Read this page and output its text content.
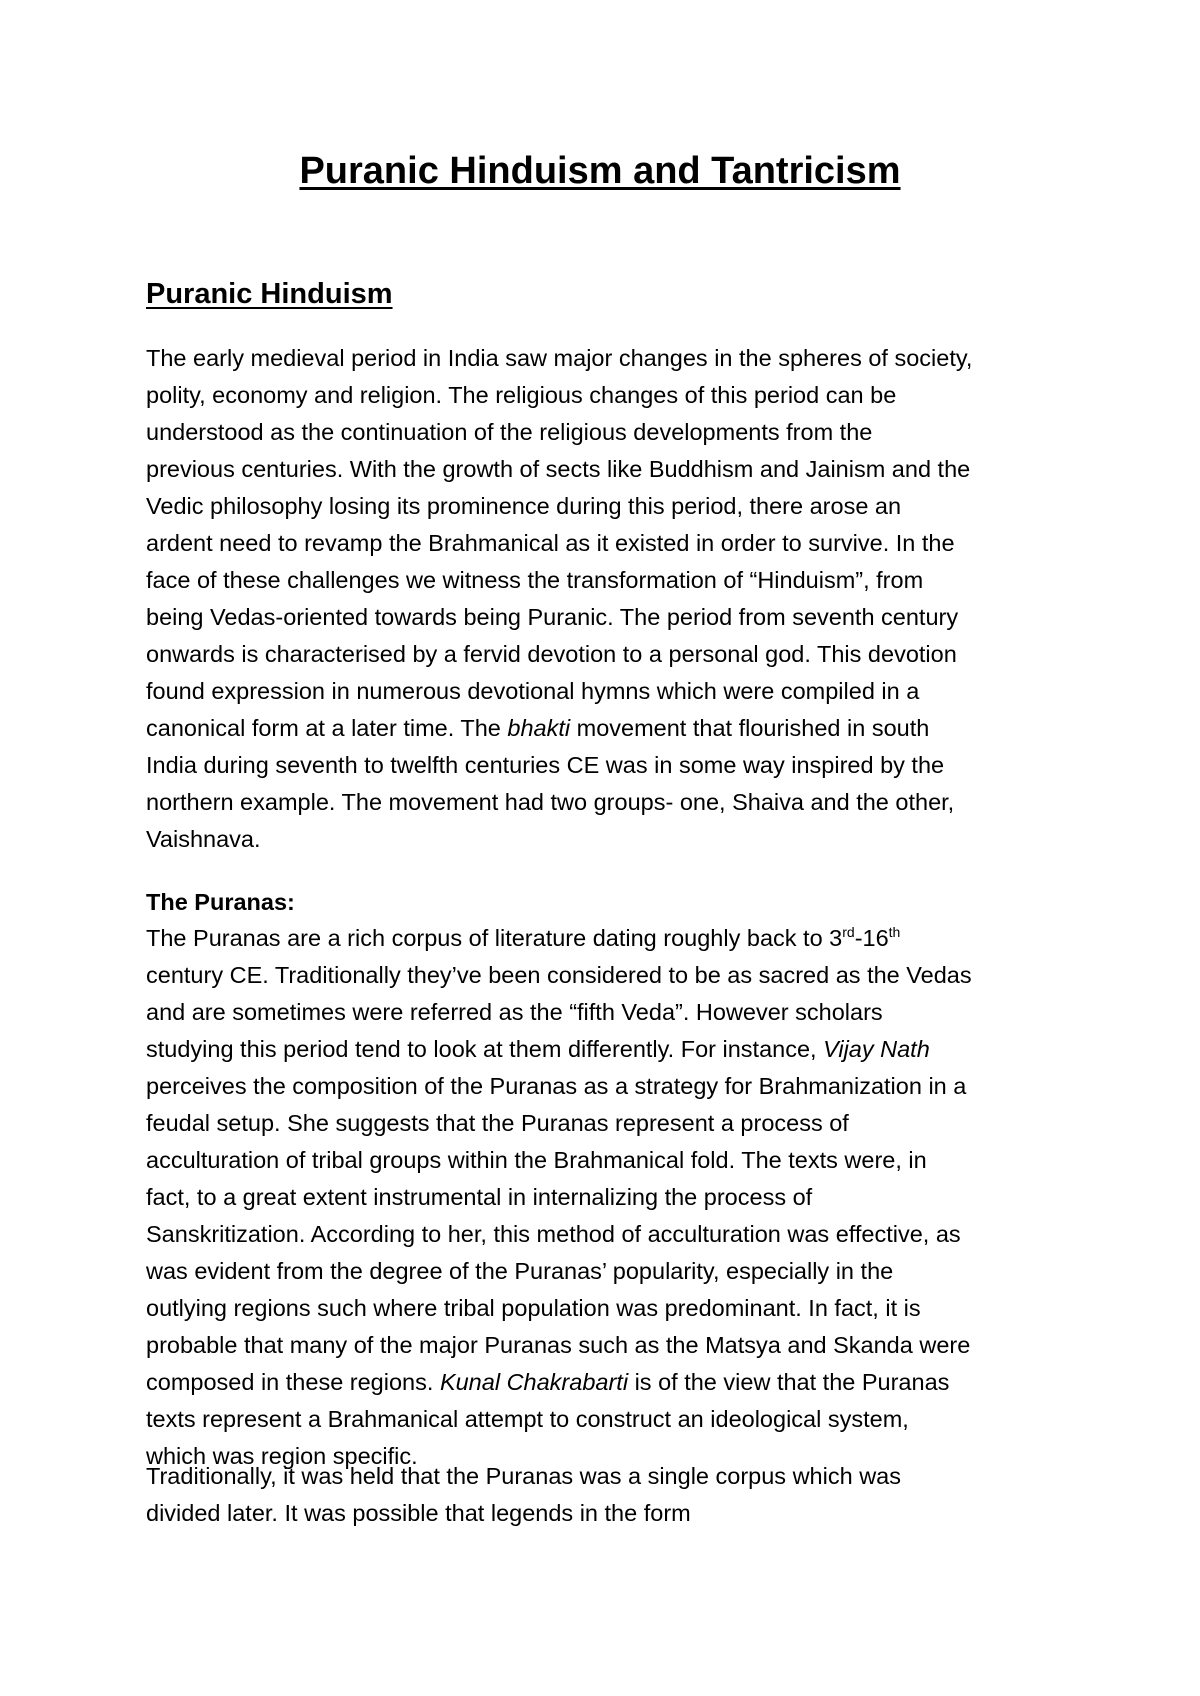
Puranic Hinduism and Tantricism
Puranic Hinduism

The early medieval period in India saw major changes in the spheres of society,
polity, economy and religion. The religious changes of this period can be
understood as the continuation of the religious developments from the
previous centuries. With the growth of sects like Buddhism and Jainism and the
Vedic philosophy losing its prominence during this period, there arose an
ardent need to revamp the Brahmanical as it existed in order to survive. In the
face of these challenges we witness the transformation of “Hinduism”, from
being Vedas-oriented towards being Puranic. The period from seventh century
onwards is characterised by a fervid devotion to a personal god. This devotion
found expression in numerous devotional hymns which were compiled in a
canonical form at a later time. The bhakti movement that flourished in south
India during seventh to twelfth centuries CE was in some way inspired by the
northern example. The movement had two groups- one, Shaiva and the other,
Vaishnava.

The Puranas:

The Puranas are a rich corpus of literature dating roughly back to 3rd-16th
century CE. Traditionally they’ve been considered to be as sacred as the Vedas
and are sometimes were referred as the “fifth Veda”. However scholars
studying this period tend to look at them differently. For instance, Vijay Nath
perceives the composition of the Puranas as a strategy for Brahmanization in a
feudal setup. She suggests that the Puranas represent a process of
acculturation of tribal groups within the Brahmanical fold. The texts were, in
fact, to a great extent instrumental in internalizing the process of
Sanskritization. According to her, this method of acculturation was effective, as
was evident from the degree of the Puranas’ popularity, especially in the
outlying regions such where tribal population was predominant. In fact, it is
probable that many of the major Puranas such as the Matsya and Skanda were
composed in these regions. Kunal Chakrabarti is of the view that the Puranas
texts represent a Brahmanical attempt to construct an ideological system,
which was region specific.

Traditionally, it was held that the Puranas was a single corpus which was
divided later. It was possible that legends in the form
